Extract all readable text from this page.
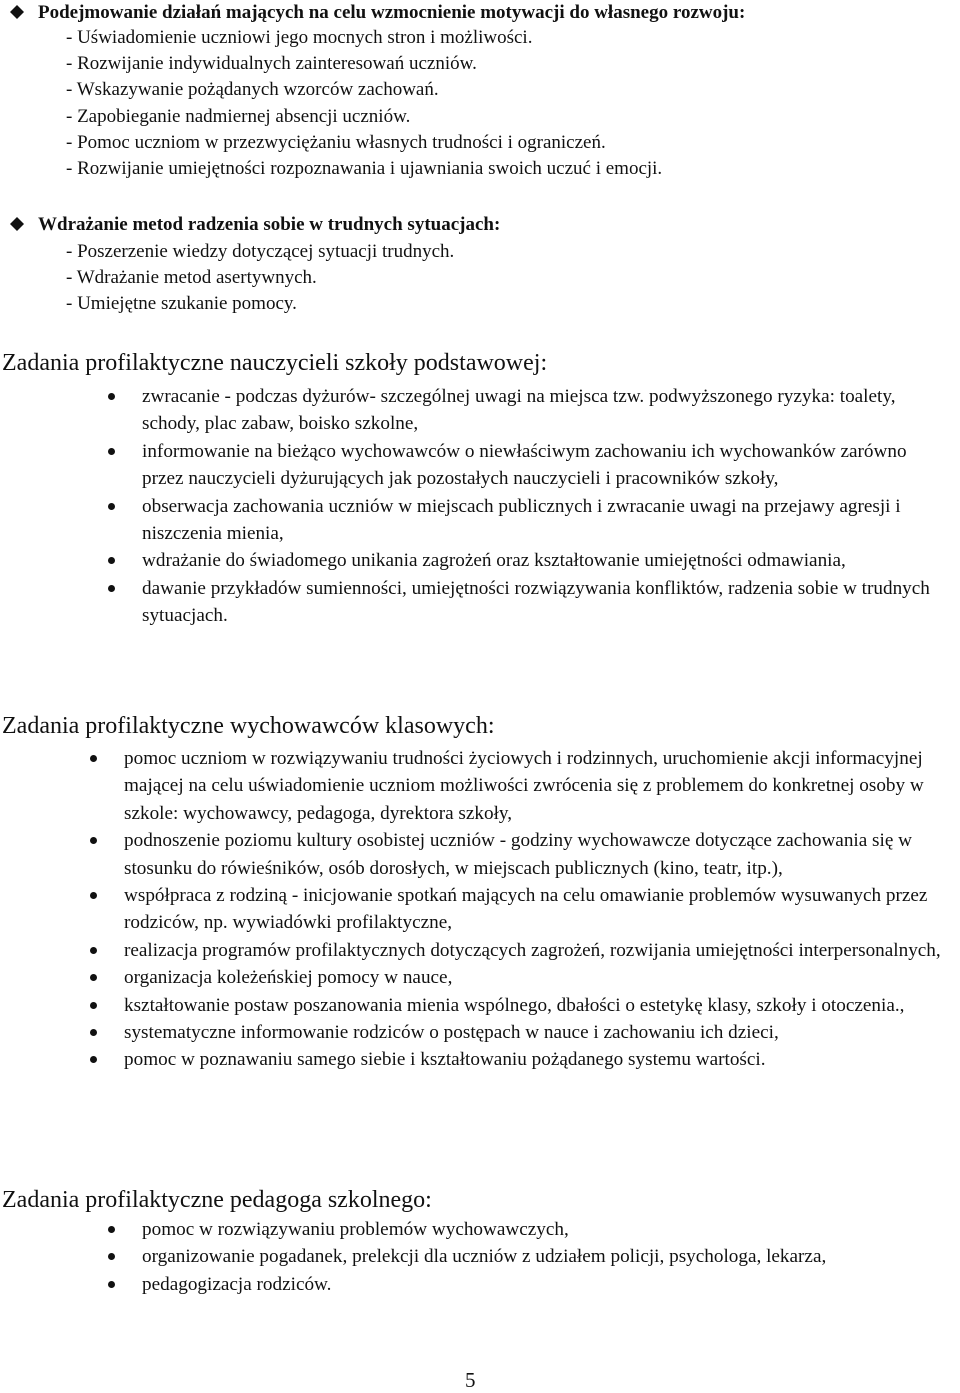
Podejmowanie działań mających na celu wzmocnienie motywacji do własnego rozwoju:
- Uświadomienie uczniowi jego mocnych stron i możliwości.
- Rozwijanie indywidualnych zainteresowań uczniów.
- Wskazywanie pożądanych wzorców zachowań.
- Zapobieganie nadmiernej absencji uczniów.
- Pomoc uczniom w przezwyciężaniu własnych trudności i ograniczeń.
- Rozwijanie umiejętności rozpoznawania i ujawniania swoich uczuć i emocji.
Wdrażanie metod radzenia sobie w trudnych sytuacjach:
- Poszerzenie wiedzy dotyczącej sytuacji trudnych.
- Wdrażanie metod asertywnych.
- Umiejętne szukanie pomocy.
Zadania profilaktyczne nauczycieli szkoły podstawowej:
zwracanie - podczas dyżurów- szczególnej uwagi na miejsca tzw. podwyższonego ryzyka: toalety, schody, plac zabaw, boisko szkolne,
informowanie na bieżąco wychowawców o niewłaściwym zachowaniu ich wychowanków zarówno przez nauczycieli dyżurujących jak pozostałych nauczycieli i pracowników szkoły,
obserwacja zachowania uczniów w miejscach publicznych i zwracanie uwagi na przejawy agresji i niszczenia mienia,
wdrażanie do świadomego unikania zagrożeń oraz kształtowanie umiejętności odmawiania,
dawanie przykładów sumienności, umiejętności rozwiązywania konfliktów, radzenia sobie w trudnych sytuacjach.
Zadania profilaktyczne wychowawców klasowych:
pomoc uczniom w rozwiązywaniu trudności życiowych i rodzinnych, uruchomienie akcji informacyjnej mającej na celu uświadomienie uczniom możliwości zwrócenia się z problemem do konkretnej osoby w szkole: wychowawcy, pedagoga, dyrektora szkoły,
podnoszenie poziomu kultury osobistej uczniów - godziny wychowawcze dotyczące zachowania się w stosunku do rówieśników, osób dorosłych, w miejscach publicznych (kino, teatr, itp.),
współpraca z rodziną - inicjowanie spotkań mających na celu omawianie problemów wysuwanych przez rodziców, np. wywiadówki profilaktyczne,
realizacja programów profilaktycznych dotyczących zagrożeń, rozwijania umiejętności interpersonalnych,
organizacja koleżeńskiej pomocy w nauce,
kształtowanie postaw poszanowania mienia wspólnego, dbałości o estetykę klasy, szkoły i otoczenia.,
systematyczne informowanie rodziców o postępach w nauce i zachowaniu ich dzieci,
pomoc w poznawaniu samego siebie i kształtowaniu pożądanego systemu wartości.
Zadania profilaktyczne pedagoga szkolnego:
pomoc w rozwiązywaniu problemów wychowawczych,
organizowanie pogadanek, prelekcji dla uczniów z udziałem policji, psychologa, lekarza,
pedagogizacja rodziców.
5
